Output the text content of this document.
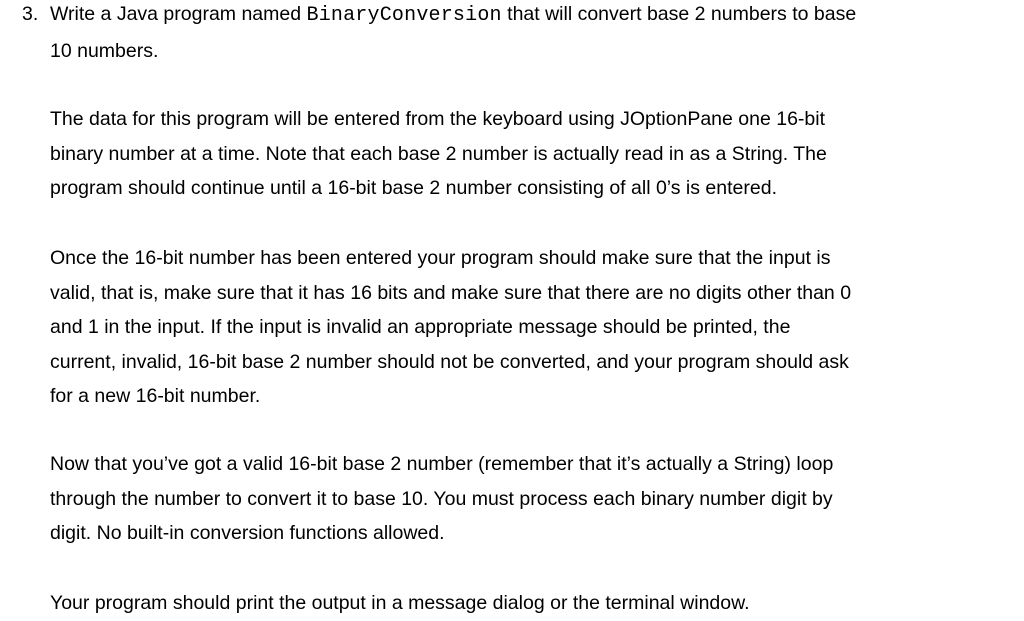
3. Write a Java program named BinaryConversion that will convert base 2 numbers to base
10 numbers.
The data for this program will be entered from the keyboard using JOptionPane one 16-bit
binary number at a time. Note that each base 2 number is actually read in as a String. The
program should continue until a 16-bit base 2 number consisting of all 0’s is entered.
Once the 16-bit number has been entered your program should make sure that the input is
valid, that is, make sure that it has 16 bits and make sure that there are no digits other than 0
and 1 in the input. If the input is invalid an appropriate message should be printed, the
current, invalid, 16-bit base 2 number should not be converted, and your program should ask
for a new 16-bit number.
Now that you’ve got a valid 16-bit base 2 number (remember that it’s actually a String) loop
through the number to convert it to base 10. You must process each binary number digit by
digit. No built-in conversion functions allowed.
Your program should print the output in a message dialog or the terminal window.
